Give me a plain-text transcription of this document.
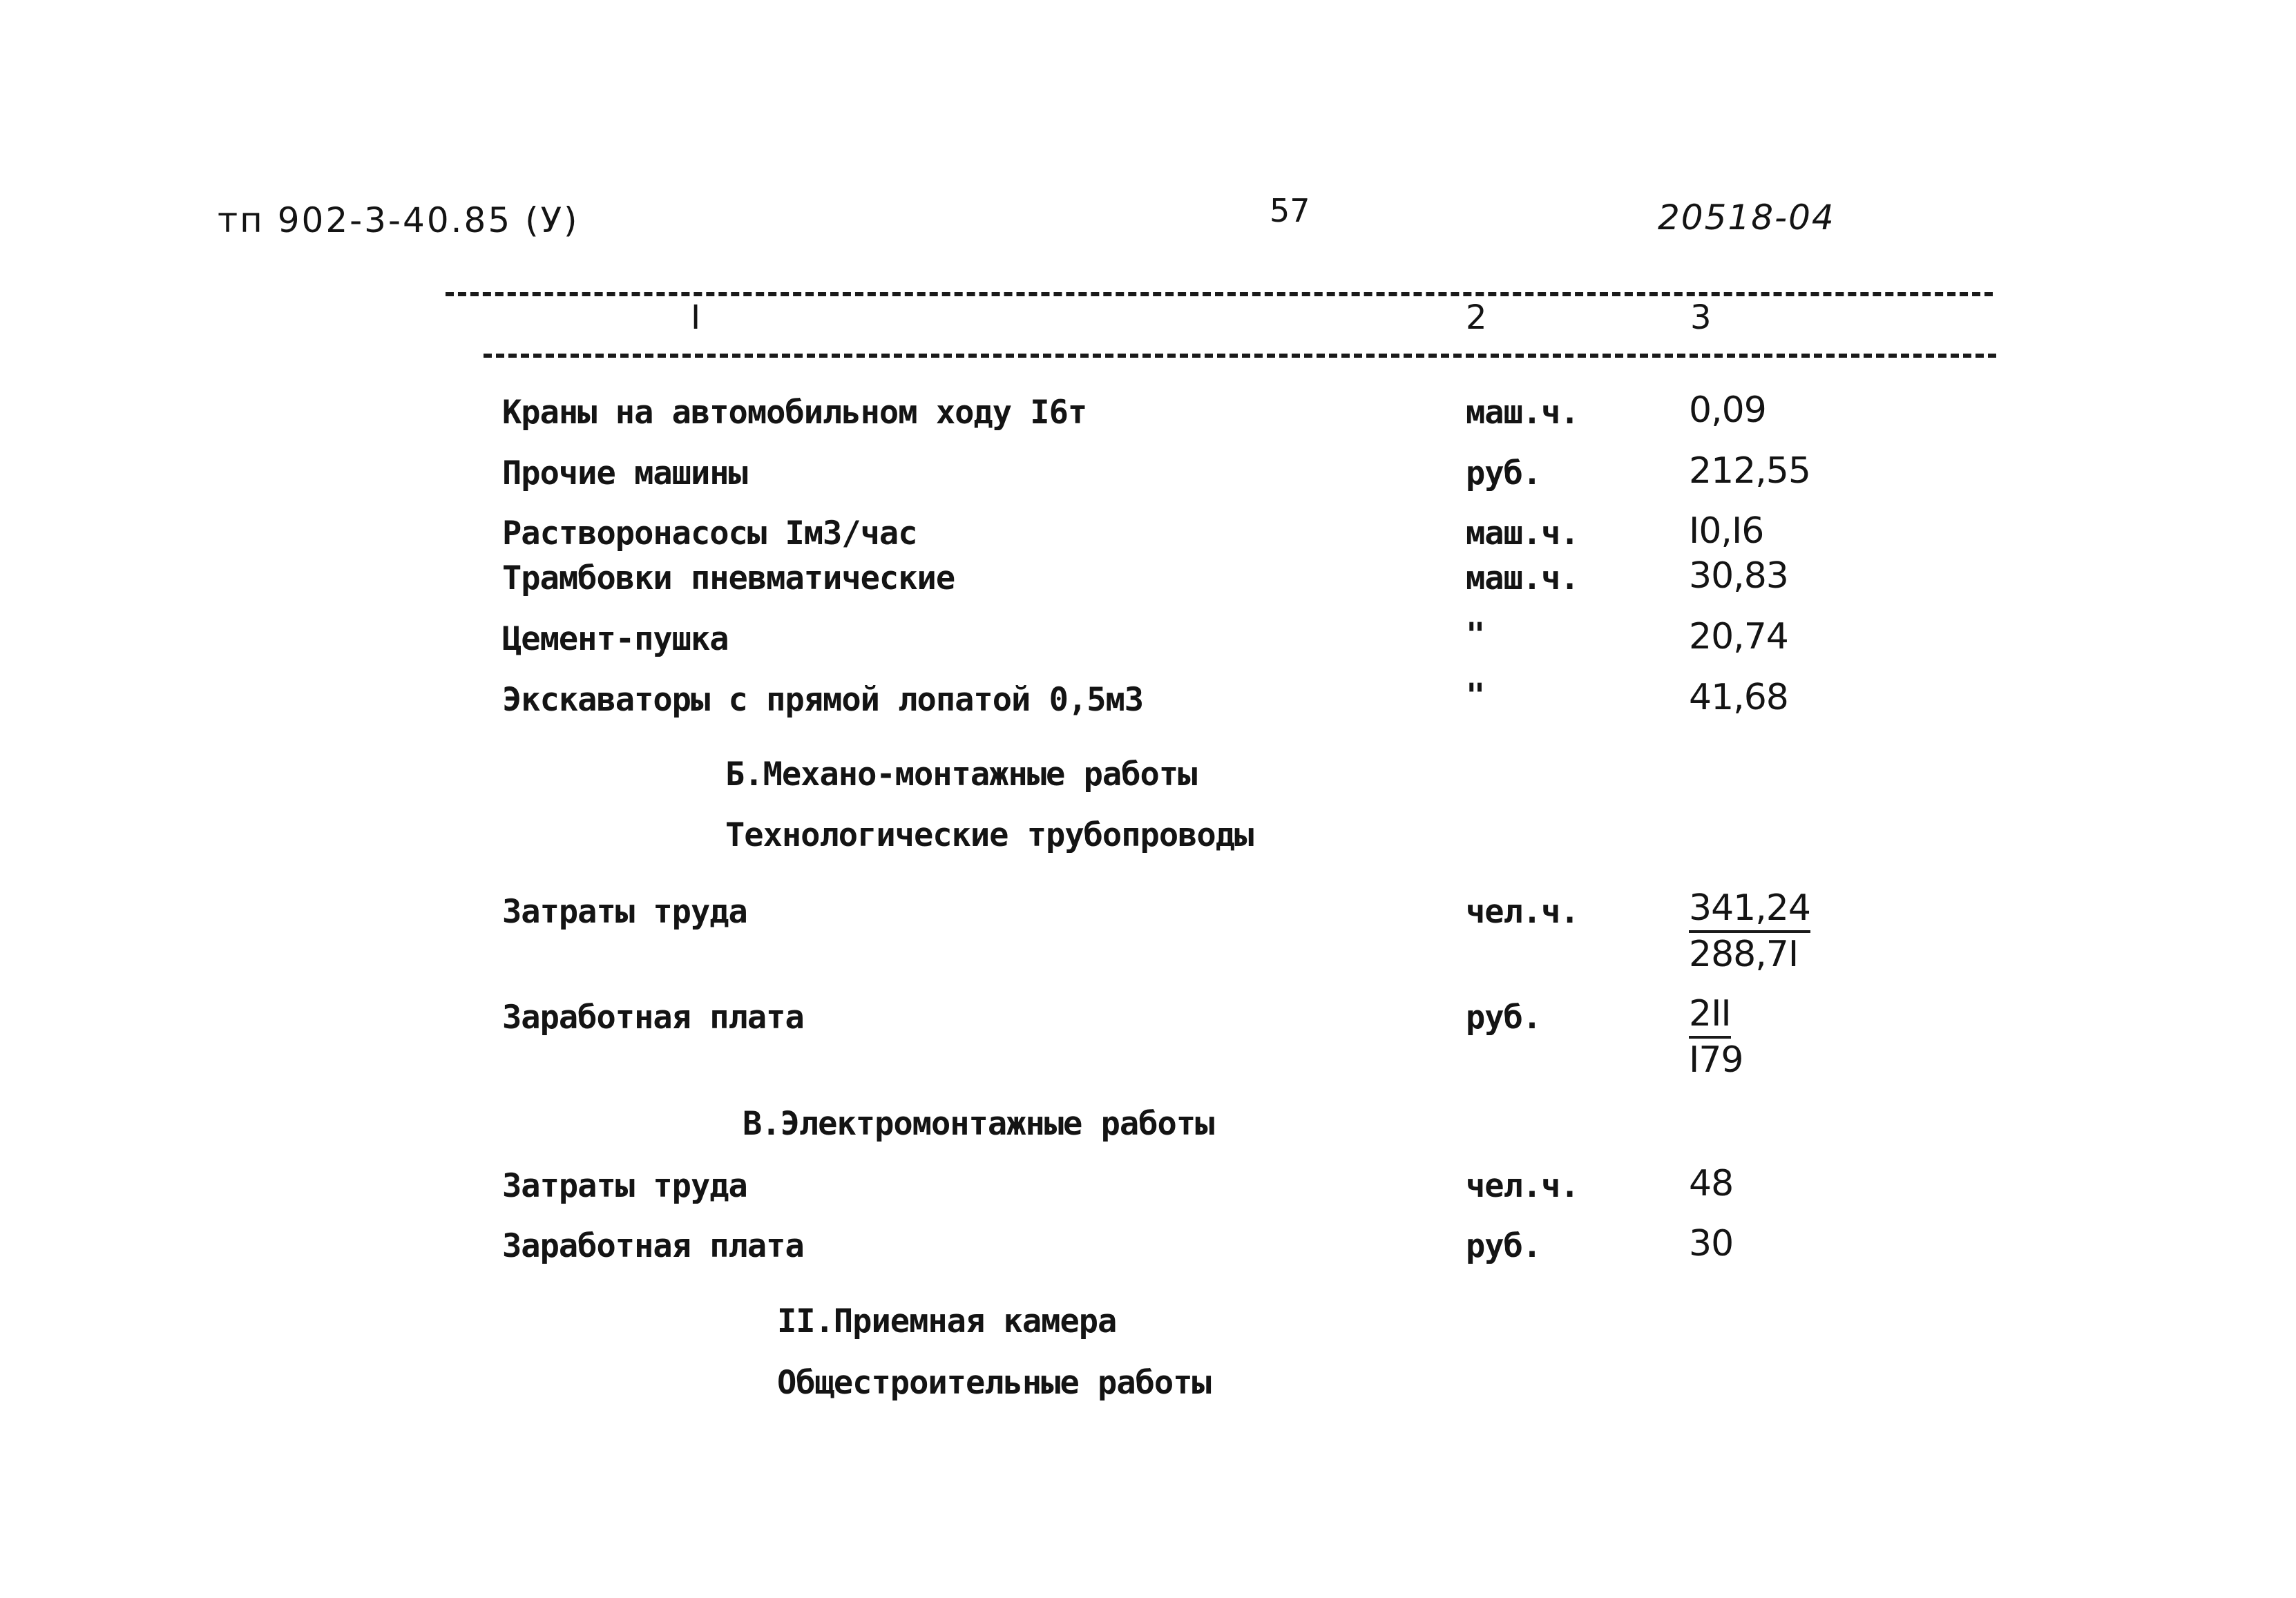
тп 902-3-40.85 (У)	57	20518-04
I	2	3
Краны на автомобильном ходу I6т	маш.ч.	0,09
Прочие машины	руб.	212,55
Растворонасосы Iм3/час	маш.ч.	I0,I6
Трамбовки пневматические	маш.ч.	30,83
Цемент-пушка	"	20,74
Экскаваторы с прямой лопатой 0,5м3	"	41,68
Б.Механо-монтажные работы
Технологические трубопроводы
Затраты труда	чел.ч.	341,24
288,7I
Заработная плата	руб.	2II
I79
В.Электромонтажные работы
Затраты труда	чел.ч.	48
Заработная плата	руб.	30
II.Приемная камера
Общестроительные работы
